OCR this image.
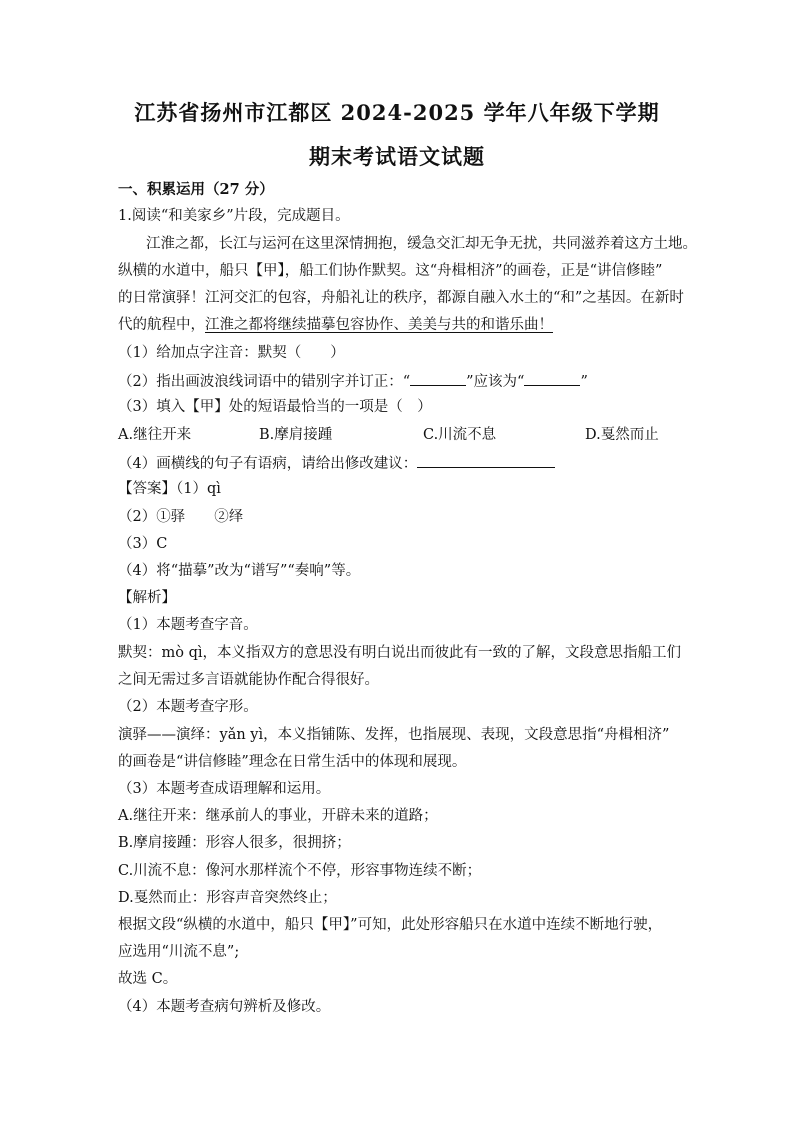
江苏省扬州市江都区 2024-2025 学年八年级下学期
期末考试语文试题
一、积累运用（27 分）
1.阅读“和美家乡”片段，完成题目。
江淮之都，长江与运河在这里深情拥抱，缓急交汇却无争无扰，共同滋养着这方土地。
纵横的水道中，船只【甲】，船工们协作默契。这“舟楫相济”的画卷，正是“讲信修睦”
的日常演驿！江河交汇的包容，舟船礼让的秩序，都源自融入水土的“和”之基因。在新时
代的航程中，江淮之都将继续描摹包容协作、美美与共的和谐乐曲！
（1）给加点字注音：默契（　　）
（2）指出画波浪线词语中的错别字并订正：“	”应该为“	”
（3）填入【甲】处的短语最恰当的一项是（　）
A.继往开来	B.摩肩接踵	C.川流不息	D.戛然而止
（4）画横线的句子有语病，请给出修改建议：
【答案】（1）qì
（2）①驿　　②绎
（3）C
（4）将“描摹”改为“谱写”“奏响”等。
【解析】
（1）本题考查字音。
默契：mò qì，本义指双方的意思没有明白说出而彼此有一致的了解，文段意思指船工们
之间无需过多言语就能协作配合得很好。
（2）本题考查字形。
演驿——演绎：yǎn yì，本义指铺陈、发挥，也指展现、表现，文段意思指“舟楫相济”
的画卷是“讲信修睦”理念在日常生活中的体现和展现。
（3）本题考查成语理解和运用。
A.继往开来：继承前人的事业，开辟未来的道路；
B.摩肩接踵：形容人很多，很拥挤；
C.川流不息：像河水那样流个不停，形容事物连续不断；
D.戛然而止：形容声音突然终止；
根据文段“纵横的水道中，船只【甲】”可知，此处形容船只在水道中连续不断地行驶，
应选用“川流不息”;
故选 C。
（4）本题考查病句辨析及修改。
